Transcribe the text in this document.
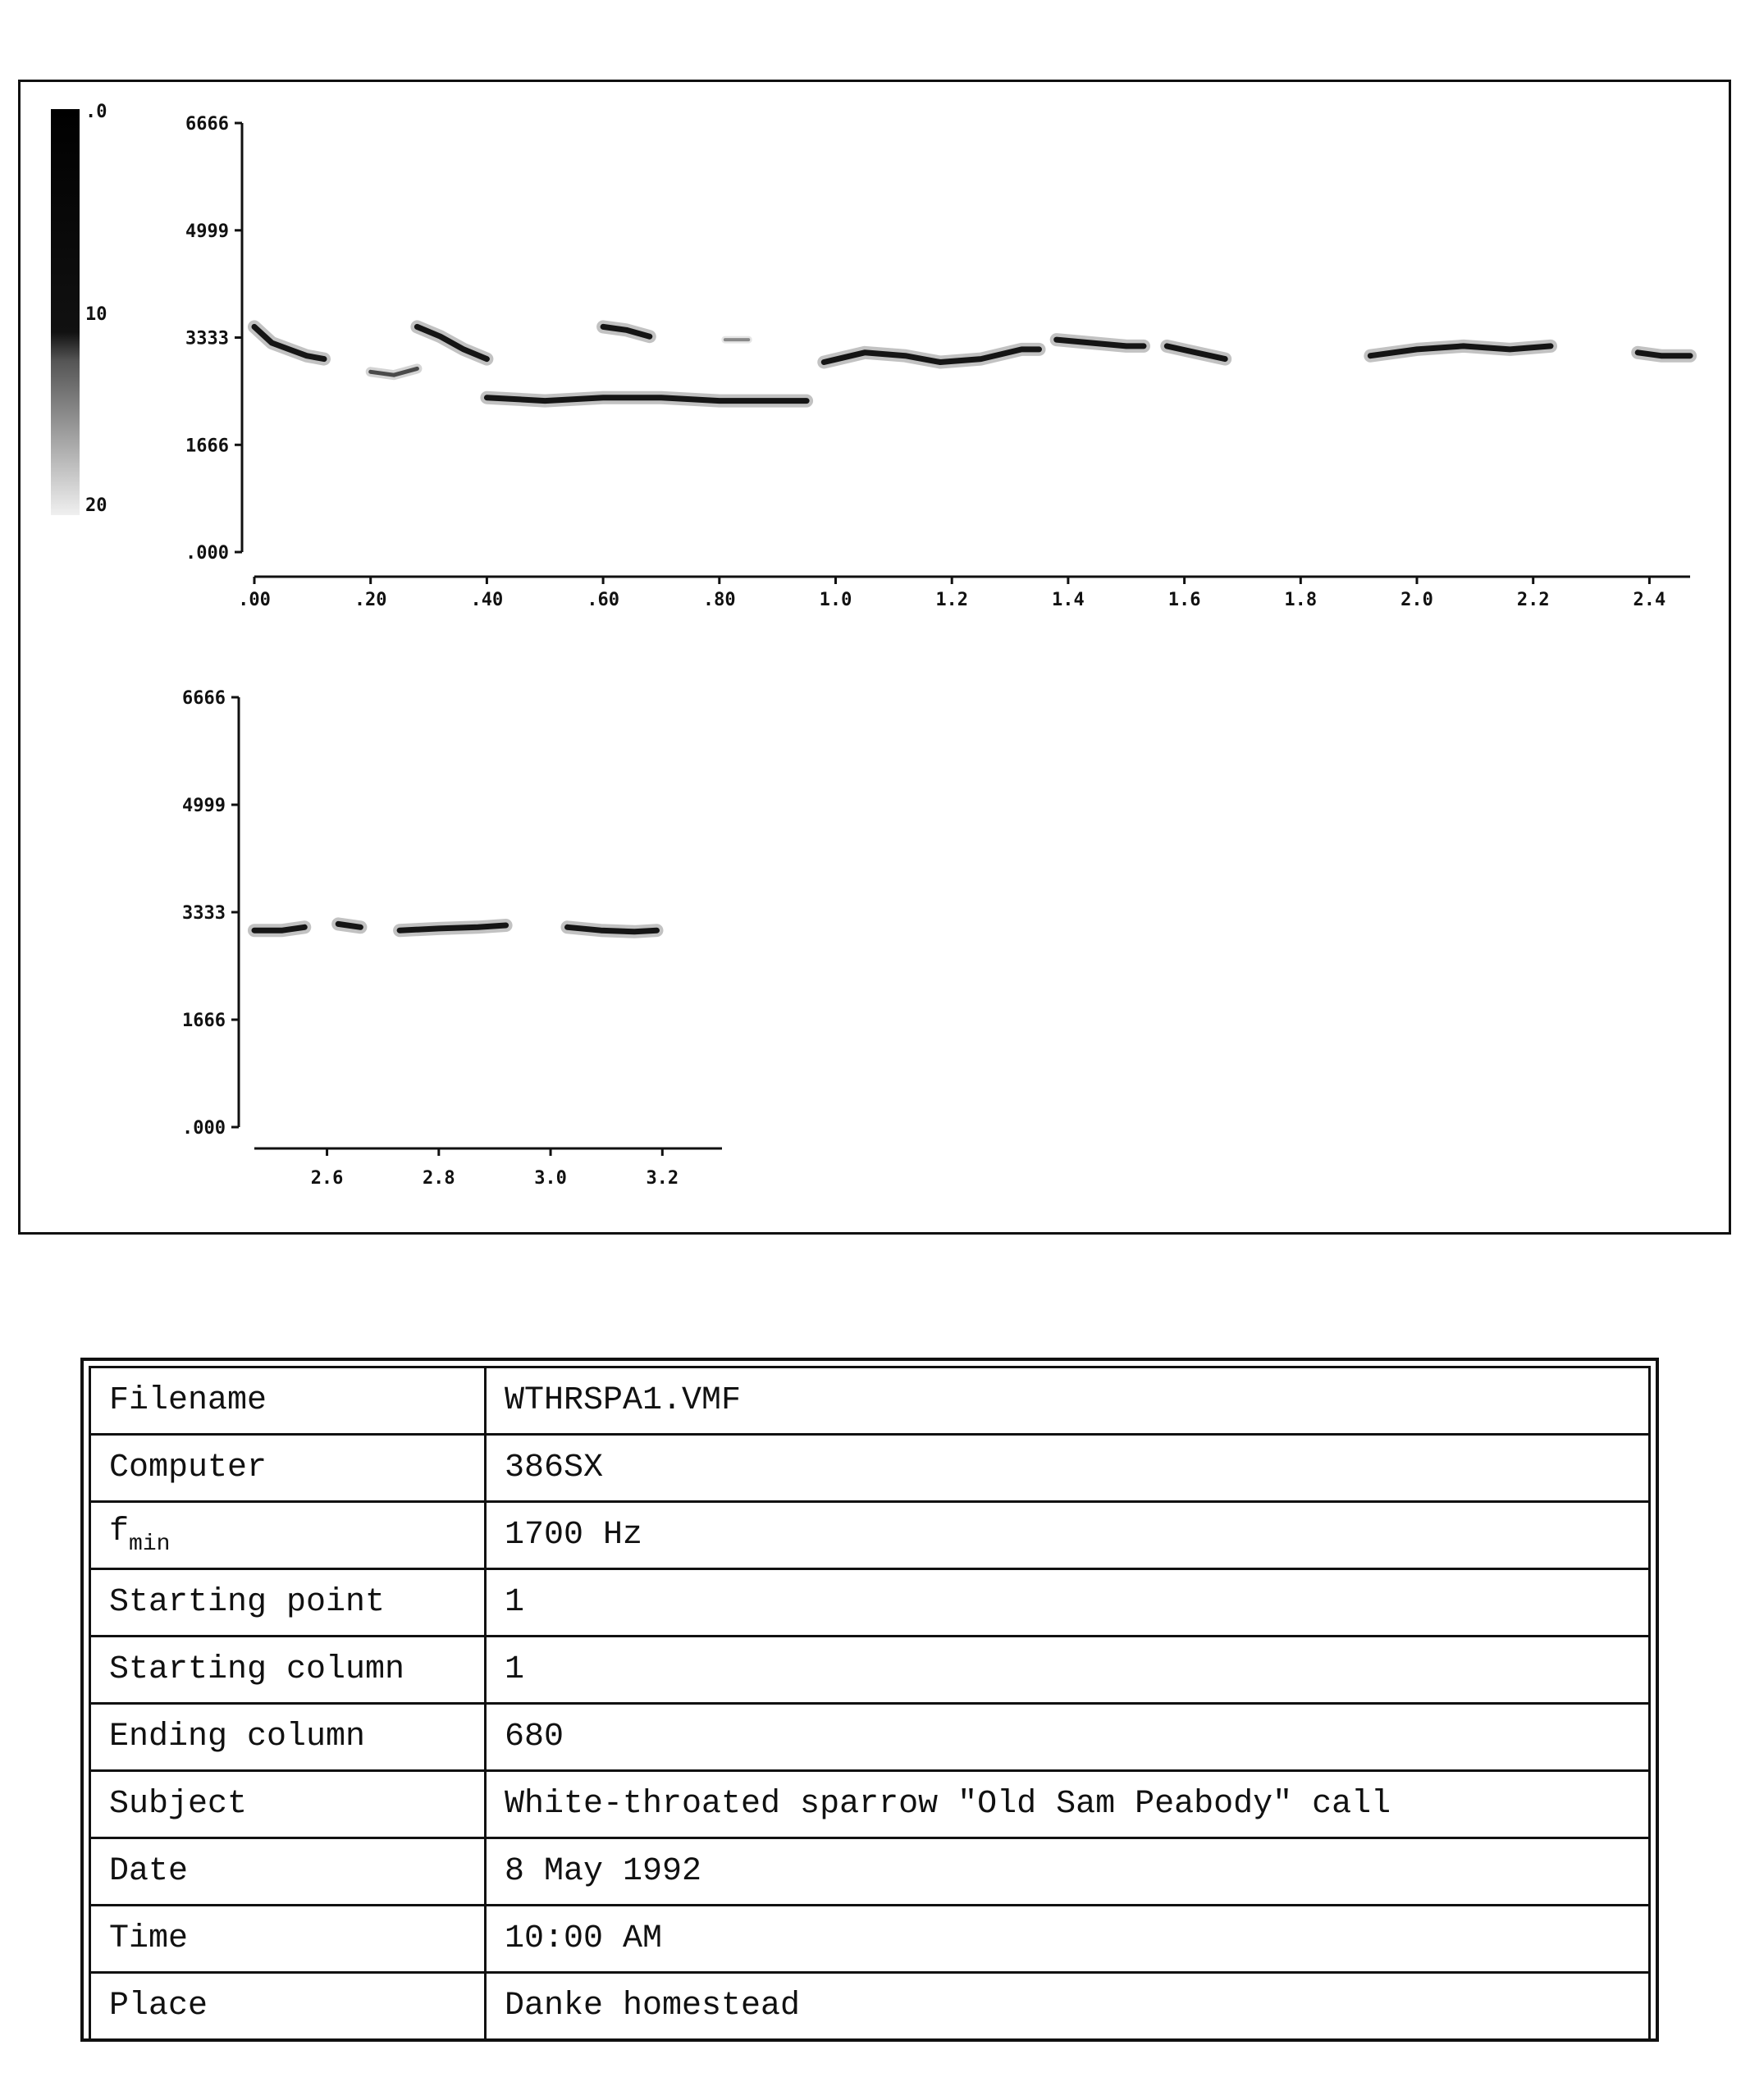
.0
10
20
6666
4999
3333
1666
.000
.00	.20	.40	.60	.80	1.0	1.2	1.4	1.6	1.8	2.0	2.2	2.4
6666
4999
3333
1666
.000
2.6	2.8	3.0	3.2
Filename	WTHRSPA1.VMF
Computer	386SX
$f_{min}$	1700 Hz
Starting point	1
Starting column	1
Ending column	680
Subject	White-throated sparrow "Old Sam Peabody" call
Date	8 May 1992
Time	10:00 AM
Place	Danke homestead
